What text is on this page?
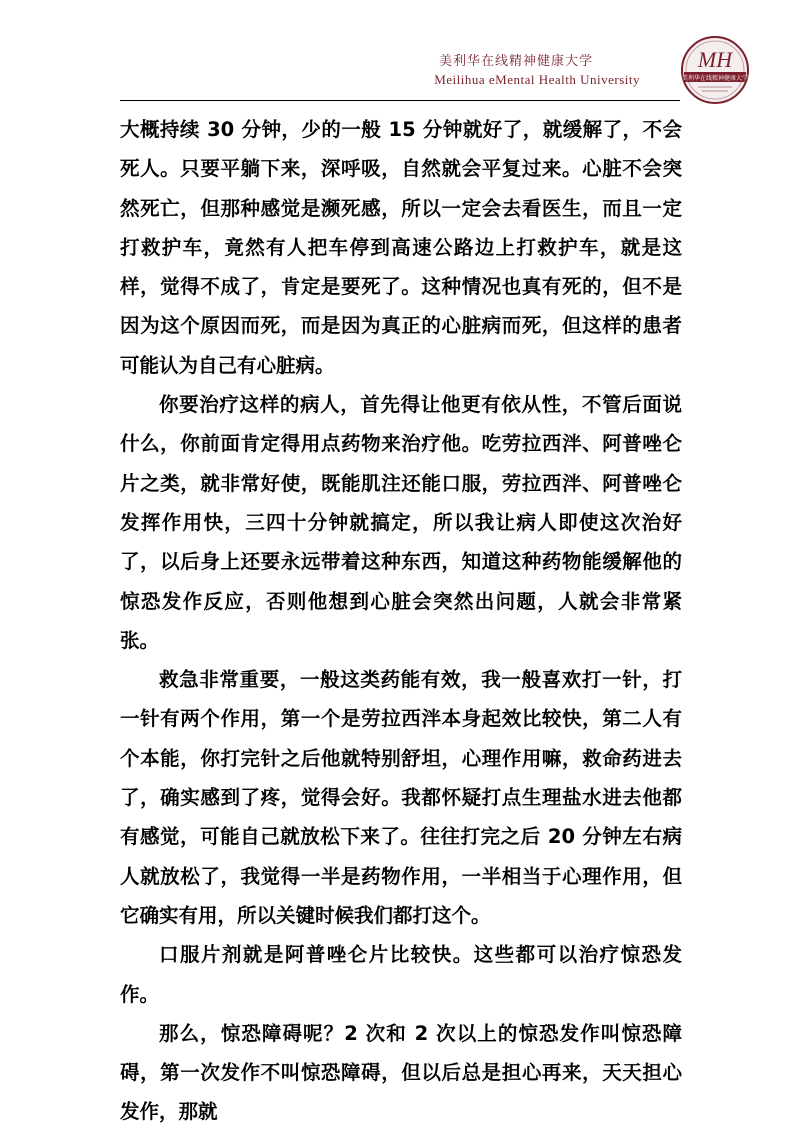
美利华在线精神健康大学
Meilihua eMental Health University
MH
美利华在线精神健康大学

大概持续 30 分钟，少的一般 15 分钟就好了，就缓解了，不会死人。只要平躺下来，深呼吸，自然就会平复过来。心脏不会突然死亡，但那种感觉是濒死感，所以一定会去看医生，而且一定打救护车，竟然有人把车停到高速公路边上打救护车，就是这样，觉得不成了，肯定是要死了。这种情况也真有死的，但不是因为这个原因而死，而是因为真正的心脏病而死，但这样的患者可能认为自己有心脏病。

你要治疗这样的病人，首先得让他更有依从性，不管后面说什么，你前面肯定得用点药物来治疗他。吃劳拉西泮、阿普唑仑片之类，就非常好使，既能肌注还能口服，劳拉西泮、阿普唑仑发挥作用快，三四十分钟就搞定，所以我让病人即使这次治好了，以后身上还要永远带着这种东西，知道这种药物能缓解他的惊恐发作反应，否则他想到心脏会突然出问题，人就会非常紧张。

救急非常重要，一般这类药能有效，我一般喜欢打一针，打一针有两个作用，第一个是劳拉西泮本身起效比较快，第二人有个本能，你打完针之后他就特别舒坦，心理作用嘛，救命药进去了，确实感到了疼，觉得会好。我都怀疑打点生理盐水进去他都有感觉，可能自己就放松下来了。往往打完之后 20 分钟左右病人就放松了，我觉得一半是药物作用，一半相当于心理作用，但它确实有用，所以关键时候我们都打这个。

口服片剂就是阿普唑仑片比较快。这些都可以治疗惊恐发作。

那么，惊恐障碍呢？2 次和 2 次以上的惊恐发作叫惊恐障碍，第一次发作不叫惊恐障碍，但以后总是担心再来，天天担心发作，那就
